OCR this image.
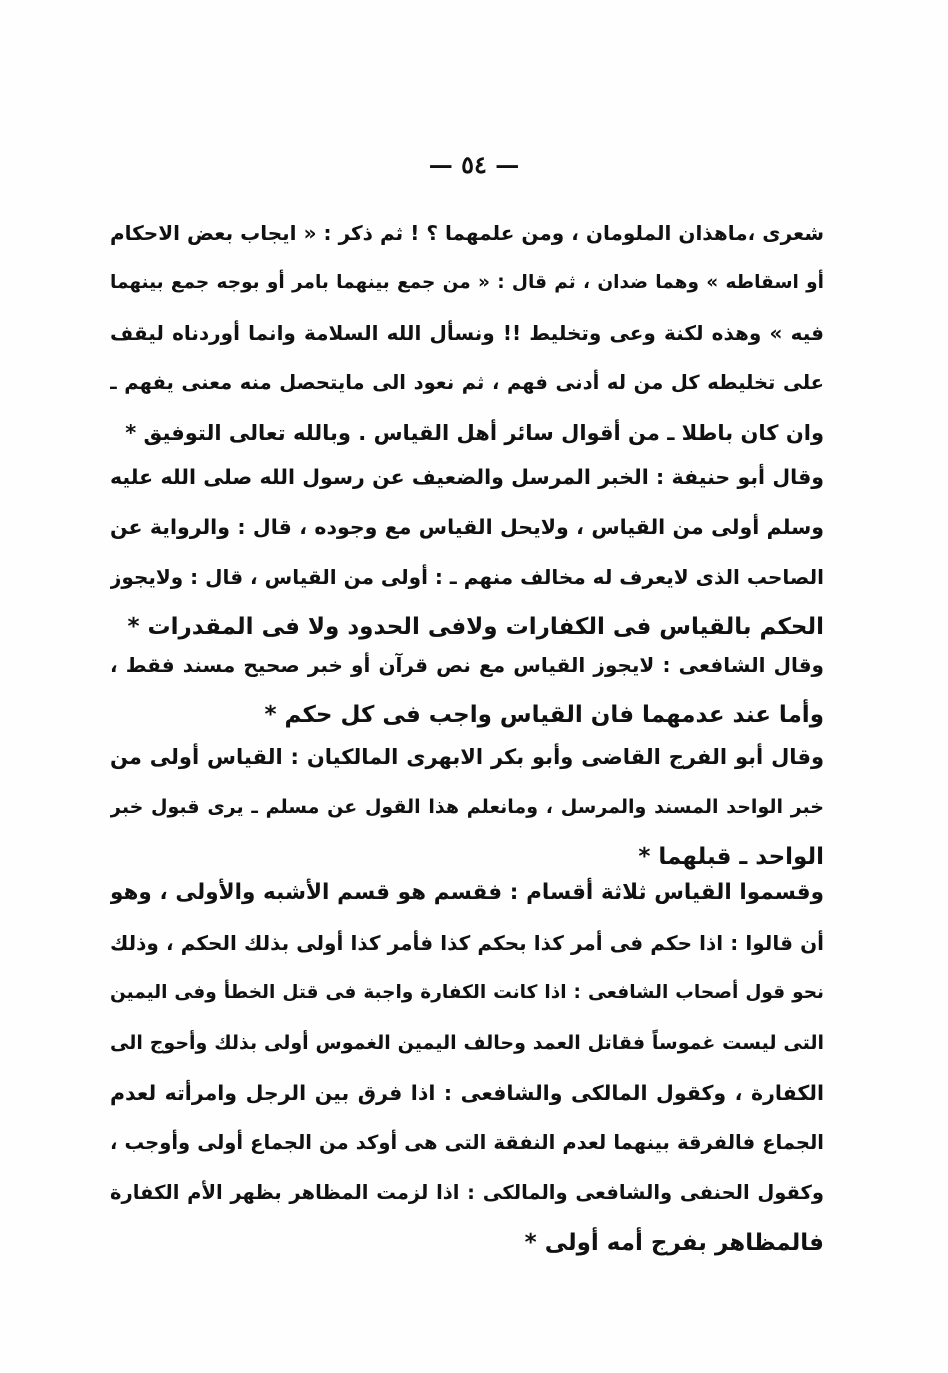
— ٥٤ —
شعرى ،ماهذان الملومان ، ومن علمهما ؟ ! ثم ذكر : « ايجاب بعض الاحكام
أو اسقاطه » وهما ضدان ، ثم قال : « من جمع بينهما بامر أو بوجه جمع بينهما
فيه » وهذه لكنة وعى وتخليط !! ونسأل الله السلامة وانما أوردناه ليقف
على تخليطه كل من له أدنى فهم ، ثم نعود الى مايتحصل منه معنى يفهم ـ
وان كان باطلا ـ من أقوال سائر أهل القياس . وبالله تعالى التوفيق *
وقال أبو حنيفة : الخبر المرسل والضعيف عن رسول الله صلى الله عليه
وسلم أولى من القياس ، ولايحل القياس مع وجوده ، قال : والرواية عن
الصاحب الذى لايعرف له مخالف منهم ـ : أولى من القياس ، قال : ولايجوز
الحكم بالقياس فى الكفارات ولافى الحدود ولا فى المقدرات *
وقال الشافعى : لايجوز القياس مع نص قرآن أو خبر صحيح مسند فقط ،
وأما عند عدمهما فان القياس واجب فى كل حكم *
وقال أبو الفرج القاضى وأبو بكر الابهرى المالكيان : القياس أولى من
خبر الواحد المسند والمرسل ، ومانعلم هذا القول عن مسلم ـ يرى قبول خبر
الواحد ـ قبلهما *
وقسموا القياس ثلاثة أقسام : فقسم هو قسم الأشبه والأولى ، وهو
أن قالوا : اذا حكم فى أمر كذا بحكم كذا فأمر كذا أولى بذلك الحكم ، وذلك
نحو قول أصحاب الشافعى : اذا كانت الكفارة واجبة فى قتل الخطأ وفى اليمين
التى ليست غموساً فقاتل العمد وحالف اليمين الغموس أولى بذلك وأحوج الى
الكفارة ، وكقول المالكى والشافعى : اذا فرق بين الرجل وامرأته لعدم
الجماع فالفرقة بينهما لعدم النفقة التى هى أوكد من الجماع أولى وأوجب ،
وكقول الحنفى والشافعى والمالكى : اذا لزمت المظاهر بظهر الأم الكفارة
فالمظاهر بفرج أمه أولى *
